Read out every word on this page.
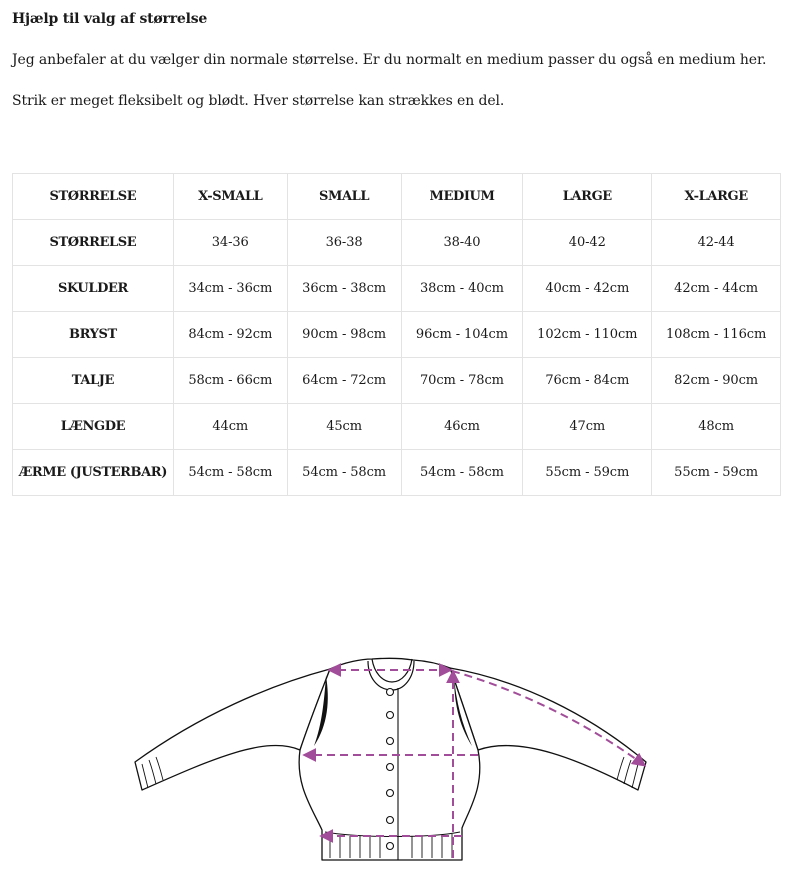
Hjælp til valg af størrelse

Jeg anbefaler at du vælger din normale størrelse. Er du normalt en medium passer du også en medium her.

Strik er meget fleksibelt og blødt. Hver størrelse kan strækkes en del.

STØRRELSE	X-SMALL	SMALL	MEDIUM	LARGE	X-LARGE
STØRRELSE	34-36	36-38	38-40	40-42	42-44
SKULDER	34cm - 36cm	36cm - 38cm	38cm - 40cm	40cm - 42cm	42cm - 44cm
BRYST	84cm - 92cm	90cm - 98cm	96cm - 104cm	102cm - 110cm	108cm - 116cm
TALJE	58cm - 66cm	64cm - 72cm	70cm - 78cm	76cm - 84cm	82cm - 90cm
LÆNGDE	44cm	45cm	46cm	47cm	48cm
ÆRME (JUSTERBAR)	54cm - 58cm	54cm - 58cm	54cm - 58cm	55cm - 59cm	55cm - 59cm
